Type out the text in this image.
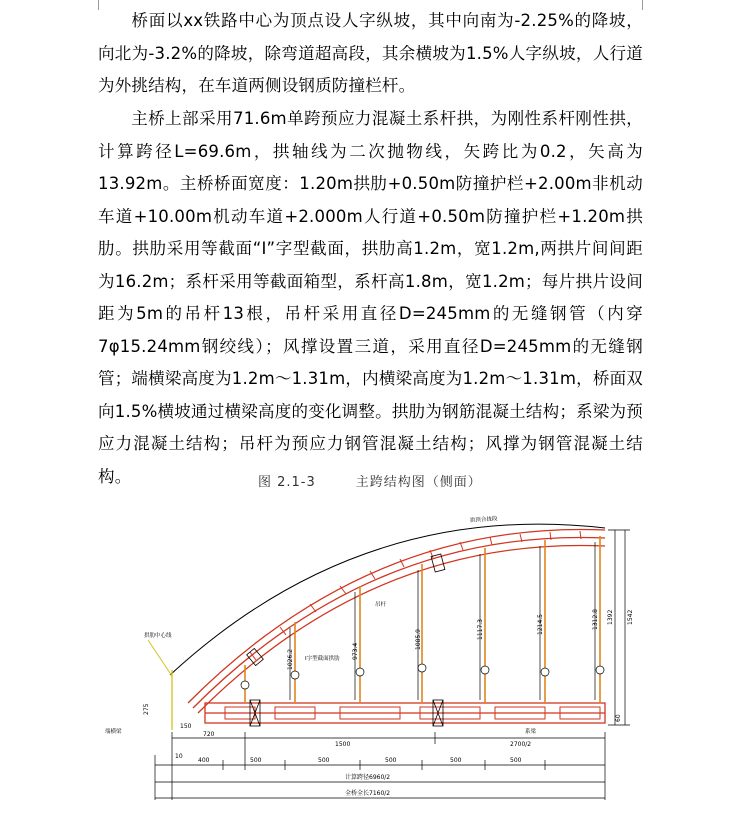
桥面以xx铁路中心为顶点设人字纵坡，其中向南为-2.25%的降坡，向北为-3.2%的降坡，除弯道超高段，其余横坡为1.5%人字纵坡，人行道为外挑结构，在车道两侧设钢质防撞栏杆。

主桥上部采用71.6m单跨预应力混凝土系杆拱，为刚性系杆刚性拱，计算跨径L=69.6m，拱轴线为二次抛物线，矢跨比为0.2，矢高为13.92m。主桥桥面宽度：1.20m拱肋+0.50m防撞护栏+2.00m非机动车道+10.00m机动车道+2.000m人行道+0.50m防撞护栏+1.20m拱肋。拱肋采用等截面“I”字型截面，拱肋高1.2m，宽1.2m,两拱片间间距为16.2m；系杆采用等截面箱型，系杆高1.8m，宽1.2m；每片拱片设间距为5m的吊杆13根，吊杆采用直径D=245mm的无缝钢管（内穿7φ15.24mm钢绞线）；风撑设置三道，采用直径D=245mm的无缝钢管；端横梁高度为1.2m～1.31m，内横梁高度为1.2m～1.31m，桥面双向1.5%横坡通过横梁高度的变化调整。拱肋为钢筋混凝土结构；系梁为预应力混凝土结构；吊杆为预应力钢管混凝土结构；风撑为钢管混凝土结构。	图 2.1-3	主跨结构图（侧面）
1026.2	973.4
1085.9	1117.3	1214.5	1312.8 1392 1542
拱肋中心线
拱顶合拢段
吊杆
I字型截面拱肋
系梁
端横梁	720
1500	2700/2
400	500	500	500	500	500
计算跨径6960/2
全桥全长7160/2
150
275
10
60
